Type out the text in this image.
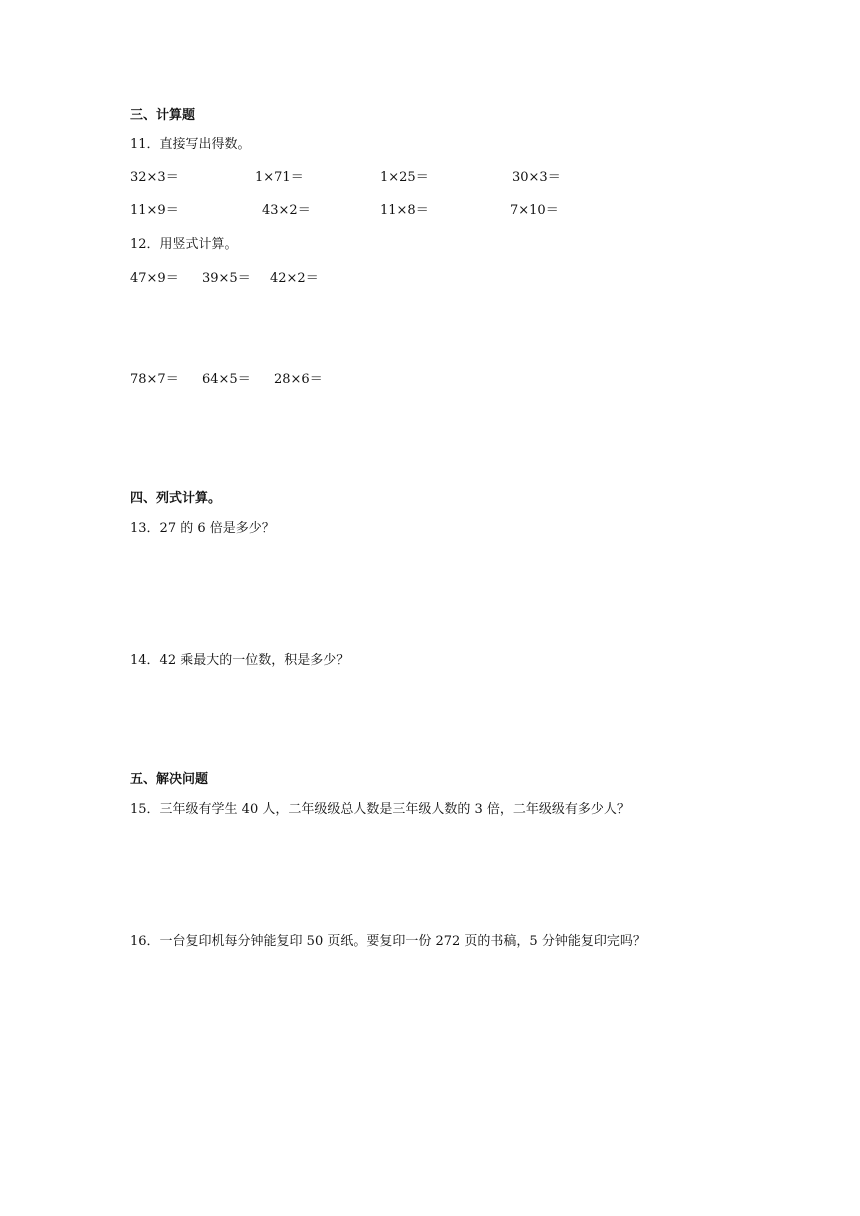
三、计算题
11．直接写出得数。
32×3＝	1×71＝	1×25＝	30×3＝
11×9＝	43×2＝	11×8＝	7×10＝
12．用竖式计算。
47×9＝ 39×5＝ 42×2＝
78×7＝ 64×5＝ 28×6＝
四、列式计算。
13．27 的 6 倍是多少？
14．42 乘最大的一位数，积是多少？
五、解决问题
15．三年级有学生 40 人，二年级级总人数是三年级人数的 3 倍，二年级级有多少人？
16．一台复印机每分钟能复印 50 页纸。要复印一份 272 页的书稿，5 分钟能复印完吗？
